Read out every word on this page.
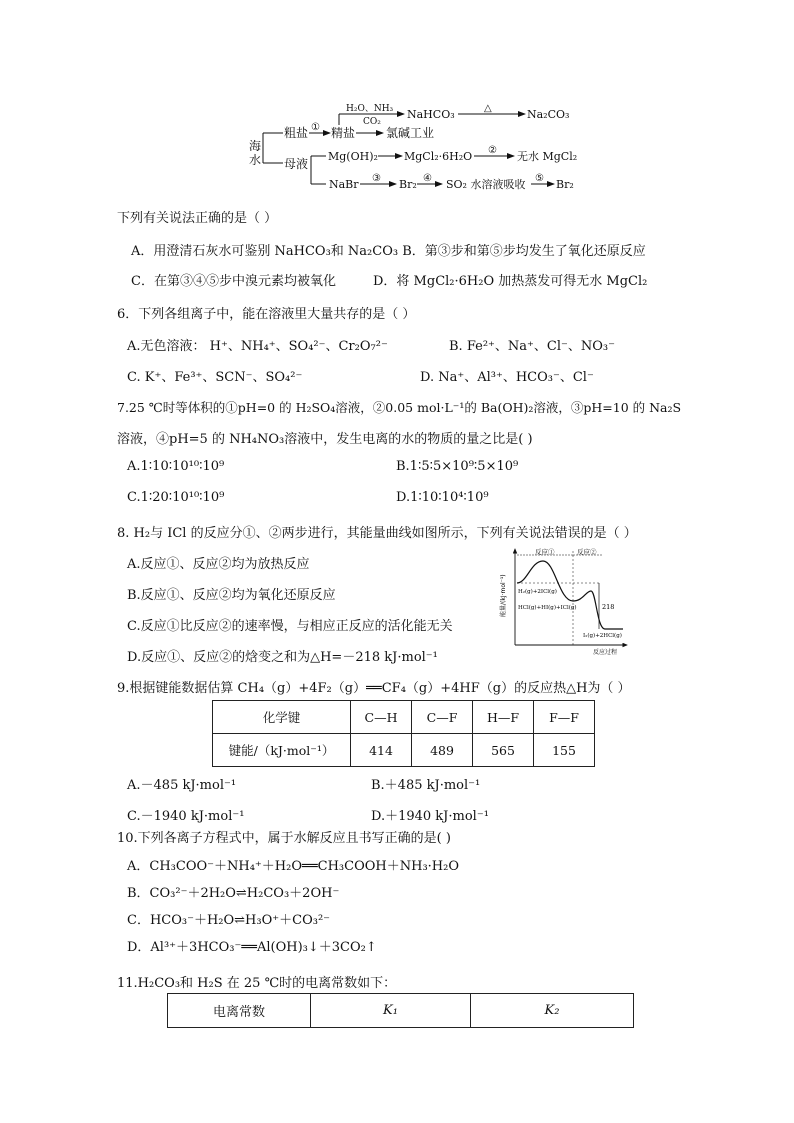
海
水
粗盐 ① 精盐
H₂O、NH₃
CO₂
NaHCO₃	△	Na₂CO₃
氯碱工业
母液
Mg(OH)₂ MgCl₂·6H₂O ② 无水 MgCl₂
NaBr ③ Br₂ ④ SO₂ 水溶液吸收 ⑤ Br₂
下列有关说法正确的是（ ）
A．用澄清石灰水可鉴别 NaHCO₃和 Na₂CO₃ B．第③步和第⑤步均发生了氧化还原反应
C．在第③④⑤步中溴元素均被氧化	D．将 MgCl₂·6H₂O 加热蒸发可得无水 MgCl₂
6．下列各组离子中，能在溶液里大量共存的是（ ）
A.无色溶液： H⁺、NH₄⁺、SO₄²⁻、Cr₂O₇²⁻	B. Fe²⁺、Na⁺、Cl⁻、NO₃⁻
C. K⁺、Fe³⁺、SCN⁻、SO₄²⁻	D. Na⁺、Al³⁺、HCO₃⁻、Cl⁻
7.25 ℃时等体积的①pH=0 的 H₂SO₄溶液，②0.05 mol·L⁻¹的 Ba(OH)₂溶液，③pH=10 的 Na₂S
溶液，④pH=5 的 NH₄NO₃溶液中，发生电离的水的物质的量之比是( )
A.1∶10∶10¹⁰∶10⁹	B.1∶5∶5×10⁹∶5×10⁹
C.1∶20∶10¹⁰∶10⁹	D.1∶10∶10⁴∶10⁹
8. H₂与 ICl 的反应分①、②两步进行，其能量曲线如图所示，下列有关说法错误的是（ ）
A.反应①、反应②均为放热反应
B.反应①、反应②均为氧化还原反应
C.反应①比反应②的速率慢，与相应正反应的活化能无关
D.反应①、反应②的焓变之和为△H=－218 kJ·mol⁻¹
能量/(kJ·mol⁻¹)
反应①	反应②
H₂(g)+2ICl(g)
HCl(g)+HI(g)+ICl(g)	218
I₂(g)+2HCl(g)
反应过程
9.根据键能数据估算 CH₄（g）+4F₂（g）══CF₄（g）+4HF（g）的反应热△H为（ ）
化学键	C—H	C—F	H—F	F—F
键能/（kJ·mol⁻¹）	414	489	565	155
A.－485 kJ·mol⁻¹	B.＋485 kJ·mol⁻¹
C.－1940 kJ·mol⁻¹	D.＋1940 kJ·mol⁻¹
10.下列各离子方程式中，属于水解反应且书写正确的是( )
A．CH₃COO⁻＋NH₄⁺＋H₂O══CH₃COOH＋NH₃·H₂O
B．CO₃²⁻＋2H₂O⇌H₂CO₃＋2OH⁻
C．HCO₃⁻＋H₂O⇌H₃O⁺＋CO₃²⁻
D．Al³⁺＋3HCO₃⁻══Al(OH)₃↓＋3CO₂↑
11.H₂CO₃和 H₂S 在 25 ℃时的电离常数如下：
电离常数	K₁	K₂
